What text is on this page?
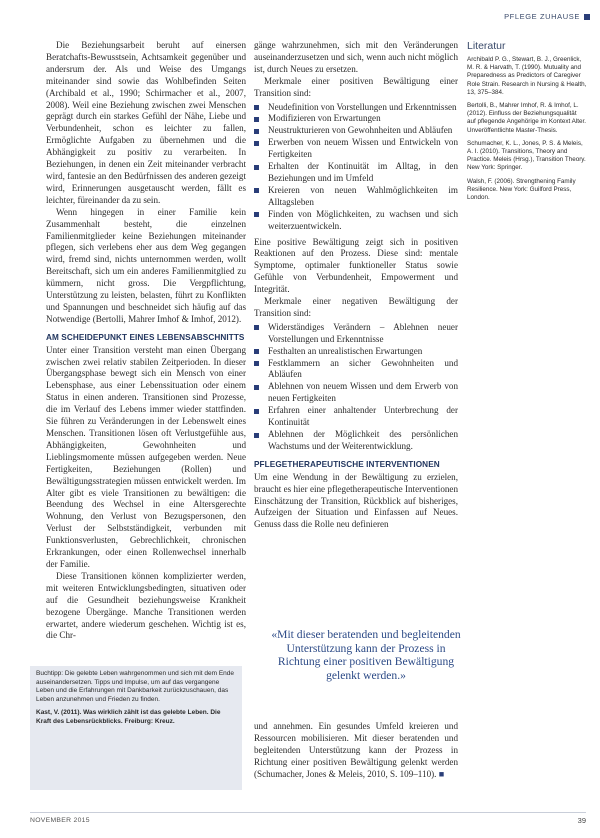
PFLEGE ZUHAUSE

Die Beziehungsarbeit beruht auf einersen Beratchafts-Bewusstsein, Achtsamkeit gegenüber und andersrum der. Als und Weise des Umgangs miteinander sind sowie das Wohlbefinden Seiten (Archibald et al., 1990; Schirmacher et al., 2007, 2008). Weil eine Beziehung zwischen zwei Menschen geprägt durch ein starkes Gefühl der Nähe, Liebe und Verbundenheit, schon es leichter zu fallen, Ermöglichte Aufgaben zu übernehmen und die Abhängigkeit zu positiv zu verarbeiten. In Beziehungen, in denen ein Zeit miteinander verbracht wird, fantesie an den Bedürfnissen des anderen gezeigt wird, Erinnerungen ausgetauscht werden, fällt es leichter, füreinander da zu sein.

Wenn hingegen in einer Familie kein Zusammenhalt besteht, die einzelnen Familienmitglieder keine Beziehungen miteinander pflegen, sich verlebens eher aus dem Weg gegangen wird, fremd sind, nichts unternommen werden, wollt Bereitschaft, sich um ein anderes Familienmitglied zu kümmern, nicht gross. Die Vergpflichtung, Unterstützung zu leisten, belasten, führt zu Konflikten und Spannungen und beschneidet sich häufig auf das Notwendige (Bertolli, Mahrer Imhof & Imhof, 2012).

AM SCHEIDEPUNKT EINES LEBENSABSCHNITTS

Unter einer Transition versteht man einen Übergang zwischen zwei relativ stabilen Zeitperioden. In dieser Übergangsphase bewegt sich ein Mensch von einer Lebensphase, aus einer Lebenssituation oder einem Status in einen anderen. Transitionen sind Prozesse, die im Verlauf des Lebens immer wieder stattfinden. Sie führen zu Veränderungen in der Lebenswelt eines Menschen. Transitionen lösen oft Verlustgefühle aus, Abhängigkeiten, Gewohnheiten und Lieblingsmomente müssen aufgegeben werden. Neue Fertigkeiten, Beziehungen (Rollen) und Bewältigungsstrategien müssen entwickelt werden. Im Alter gibt es viele Transitionen zu bewältigen: die Beendung des Wechsel in eine Altersgerechte Wohnung, den Verlust von Bezugspersonen, den Verlust der Selbstständigkeit, verbunden mit Funktionsverlusten, Gebrechlichkeit, chronischen Erkrankungen, oder einen Rollenwechsel innerhalb der Familie.

Diese Transitionen können komplizierter werden, mit weiteren Entwicklungsbedingten, situativen oder auf die Gesundheit beziehungsweise Krankheit bezogene Übergänge. Manche Transitionen werden erwartet, andere wiederum geschehen. Wichtig ist es, die Chr-

gänge wahrzunehmen, sich mit den Veränderungen auseinanderzusetzen und sich, wenn auch nicht möglich ist, durch Neues zu ersetzen.

Merkmale einer positiven Bewältigung einer Transition sind:

Neudefinition von Vorstellungen und Erkenntnissen
Modifizieren von Erwartungen
Neustrukturieren von Gewohnheiten und Abläufen
Erwerben von neuem Wissen und Entwickeln von Fertigkeiten
Erhalten der Kontinuität im Alltag, in den Beziehungen und im Umfeld
Kreieren von neuen Wahlmöglichkeiten im Alltagsleben
Finden von Möglichkeiten, zu wachsen und sich weiterzuentwickeln.

Eine positive Bewältigung zeigt sich in positiven Reaktionen auf den Prozess. Diese sind: mentale Symptome, optimaler funktioneller Status sowie Gefühle von Verbundenheit, Empowerment und Integrität.

Merkmale einer negativen Bewältigung der Transition sind:

Widerständiges Verändern – Ablehnen neuer Vorstellungen und Erkenntnisse
Festhalten an unrealistischen Erwartungen
Festklammern an sicher Gewohnheiten und Abläufen
Ablehnen von neuem Wissen und dem Erwerb von neuen Fertigkeiten
Erfahren einer anhaltender Unterbrechung der Kontinuität
Ablehnen der Möglichkeit des persönlichen Wachstums und der Weiterentwicklung.
PFLEGETHERAPEUTISCHE INTERVENTIONEN

Um eine Wendung in der Bewältigung zu erzielen, braucht es hier eine pflegetherapeutische Interventionen Einschätzung der Transition, Rückblick auf bisheriges, Aufzeigen der Situation und Einfassen auf Neues. Genuss dass die Rolle neu definieren

«Mit dieser beratenden und begleitenden Unterstützung kann der Prozess in Richtung einer positiven Bewältigung gelenkt werden.»

und annehmen. Ein gesundes Umfeld kreieren und Ressourcen mobilisieren. Mit dieser beratenden und begleitenden Unterstützung kann der Prozess in Richtung einer positiven Bewältigung gelenkt werden (Schumacher, Jones & Meleis, 2010, S. 109–110). ■

Literatur

Archibald P. G., Stewart, B. J., Greenlick, M. R. & Harvath, T. (1990). Mutuality and Preparedness as Predictors of Caregiver Role Strain. Research in Nursing & Health, 13, 375–384.

Bertolli, B., Mahrer Imhof, R. & Imhof, L. (2012). Einfluss der Beziehungsqualität auf pflegende Angehörige im Kontext Alter. Unveröffentlichte Master-Thesis.

Schumacher, K. L., Jones, P. S. & Meleis, A. I. (2010). Transitions, Theory and Practice. Meleis (Hrsg.), Transition Theory. New York: Springer.

Walsh, F. (2006). Strengthening Family Resilience. New York: Guilford Press, London.

Buchtipp: Die gelebte Leben wahrgenommen und sich mit dem Ende auseinandersetzen. Tipps und Impulse, um auf das vergangene Leben und die Erfahrungen mit Dankbarkeit zurückzuschauen, das Leben anzunehmen und Frieden zu finden.

Kast, V. (2011). Was wirklich zählt ist das gelebte Leben. Die Kraft des Lebensrückblicks. Freiburg: Kreuz.

NOVEMBER 2015	39
